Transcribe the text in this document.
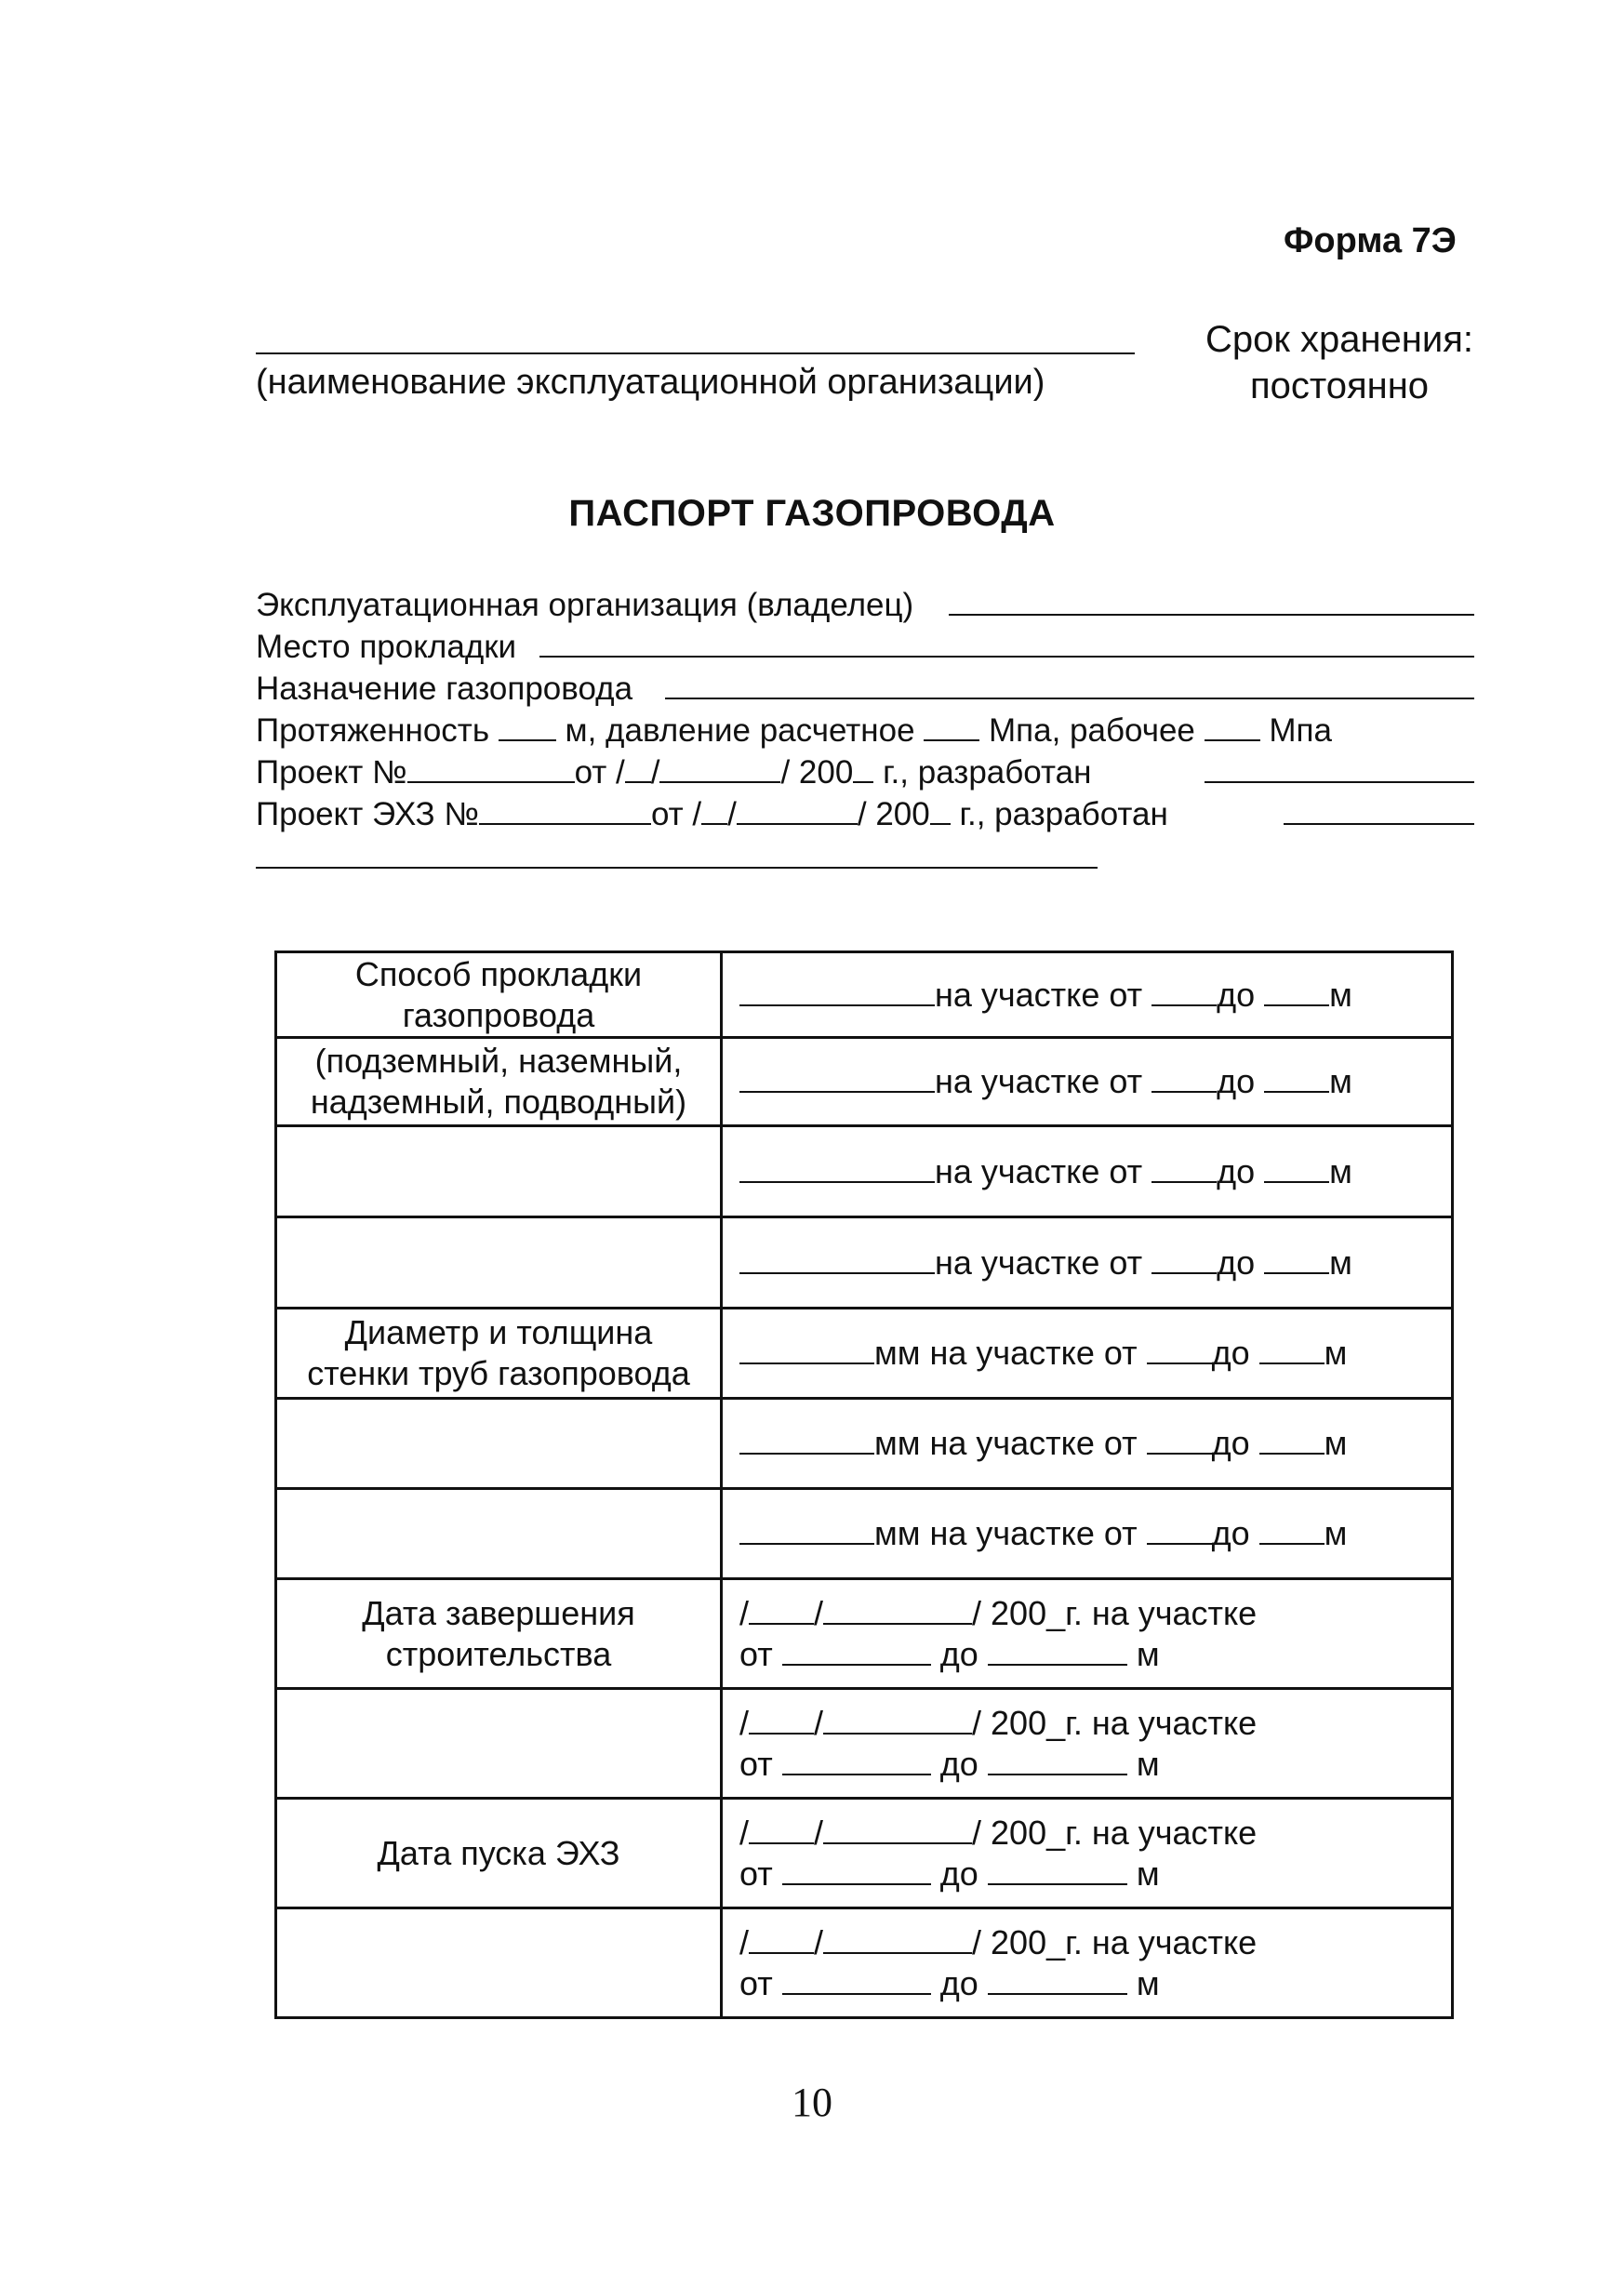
Форма 7Э
(наименование эксплуатационной организации)
Срок хранения:
постоянно
ПАСПОРТ ГАЗОПРОВОДА
Эксплуатационная организация (владелец)
Место прокладки
Назначение газопровода
Протяженность м, давление расчетное Мпа, рабочее Мпа
Проект №	от / /	/ 200 г., разработан
Проект ЭХЗ №	от / /	/ 200 г., разработан
Способ прокладки газопровода	на участке от до м
(подземный, наземный, надземный, подводный)	на участке от до м
	на участке от до м
	на участке от до м
Диаметр и толщина стенки труб газопровода	мм на участке от до м
	мм на участке от до м
	мм на участке от до м
Дата завершения строительства	/ / / 200_г. на участке
от до м

	/ / / 200_г. на участке
от до м

Дата пуска ЭХЗ	/ / / 200_г. на участке
от до м

	/ / / 200_г. на участке
от до м
10
